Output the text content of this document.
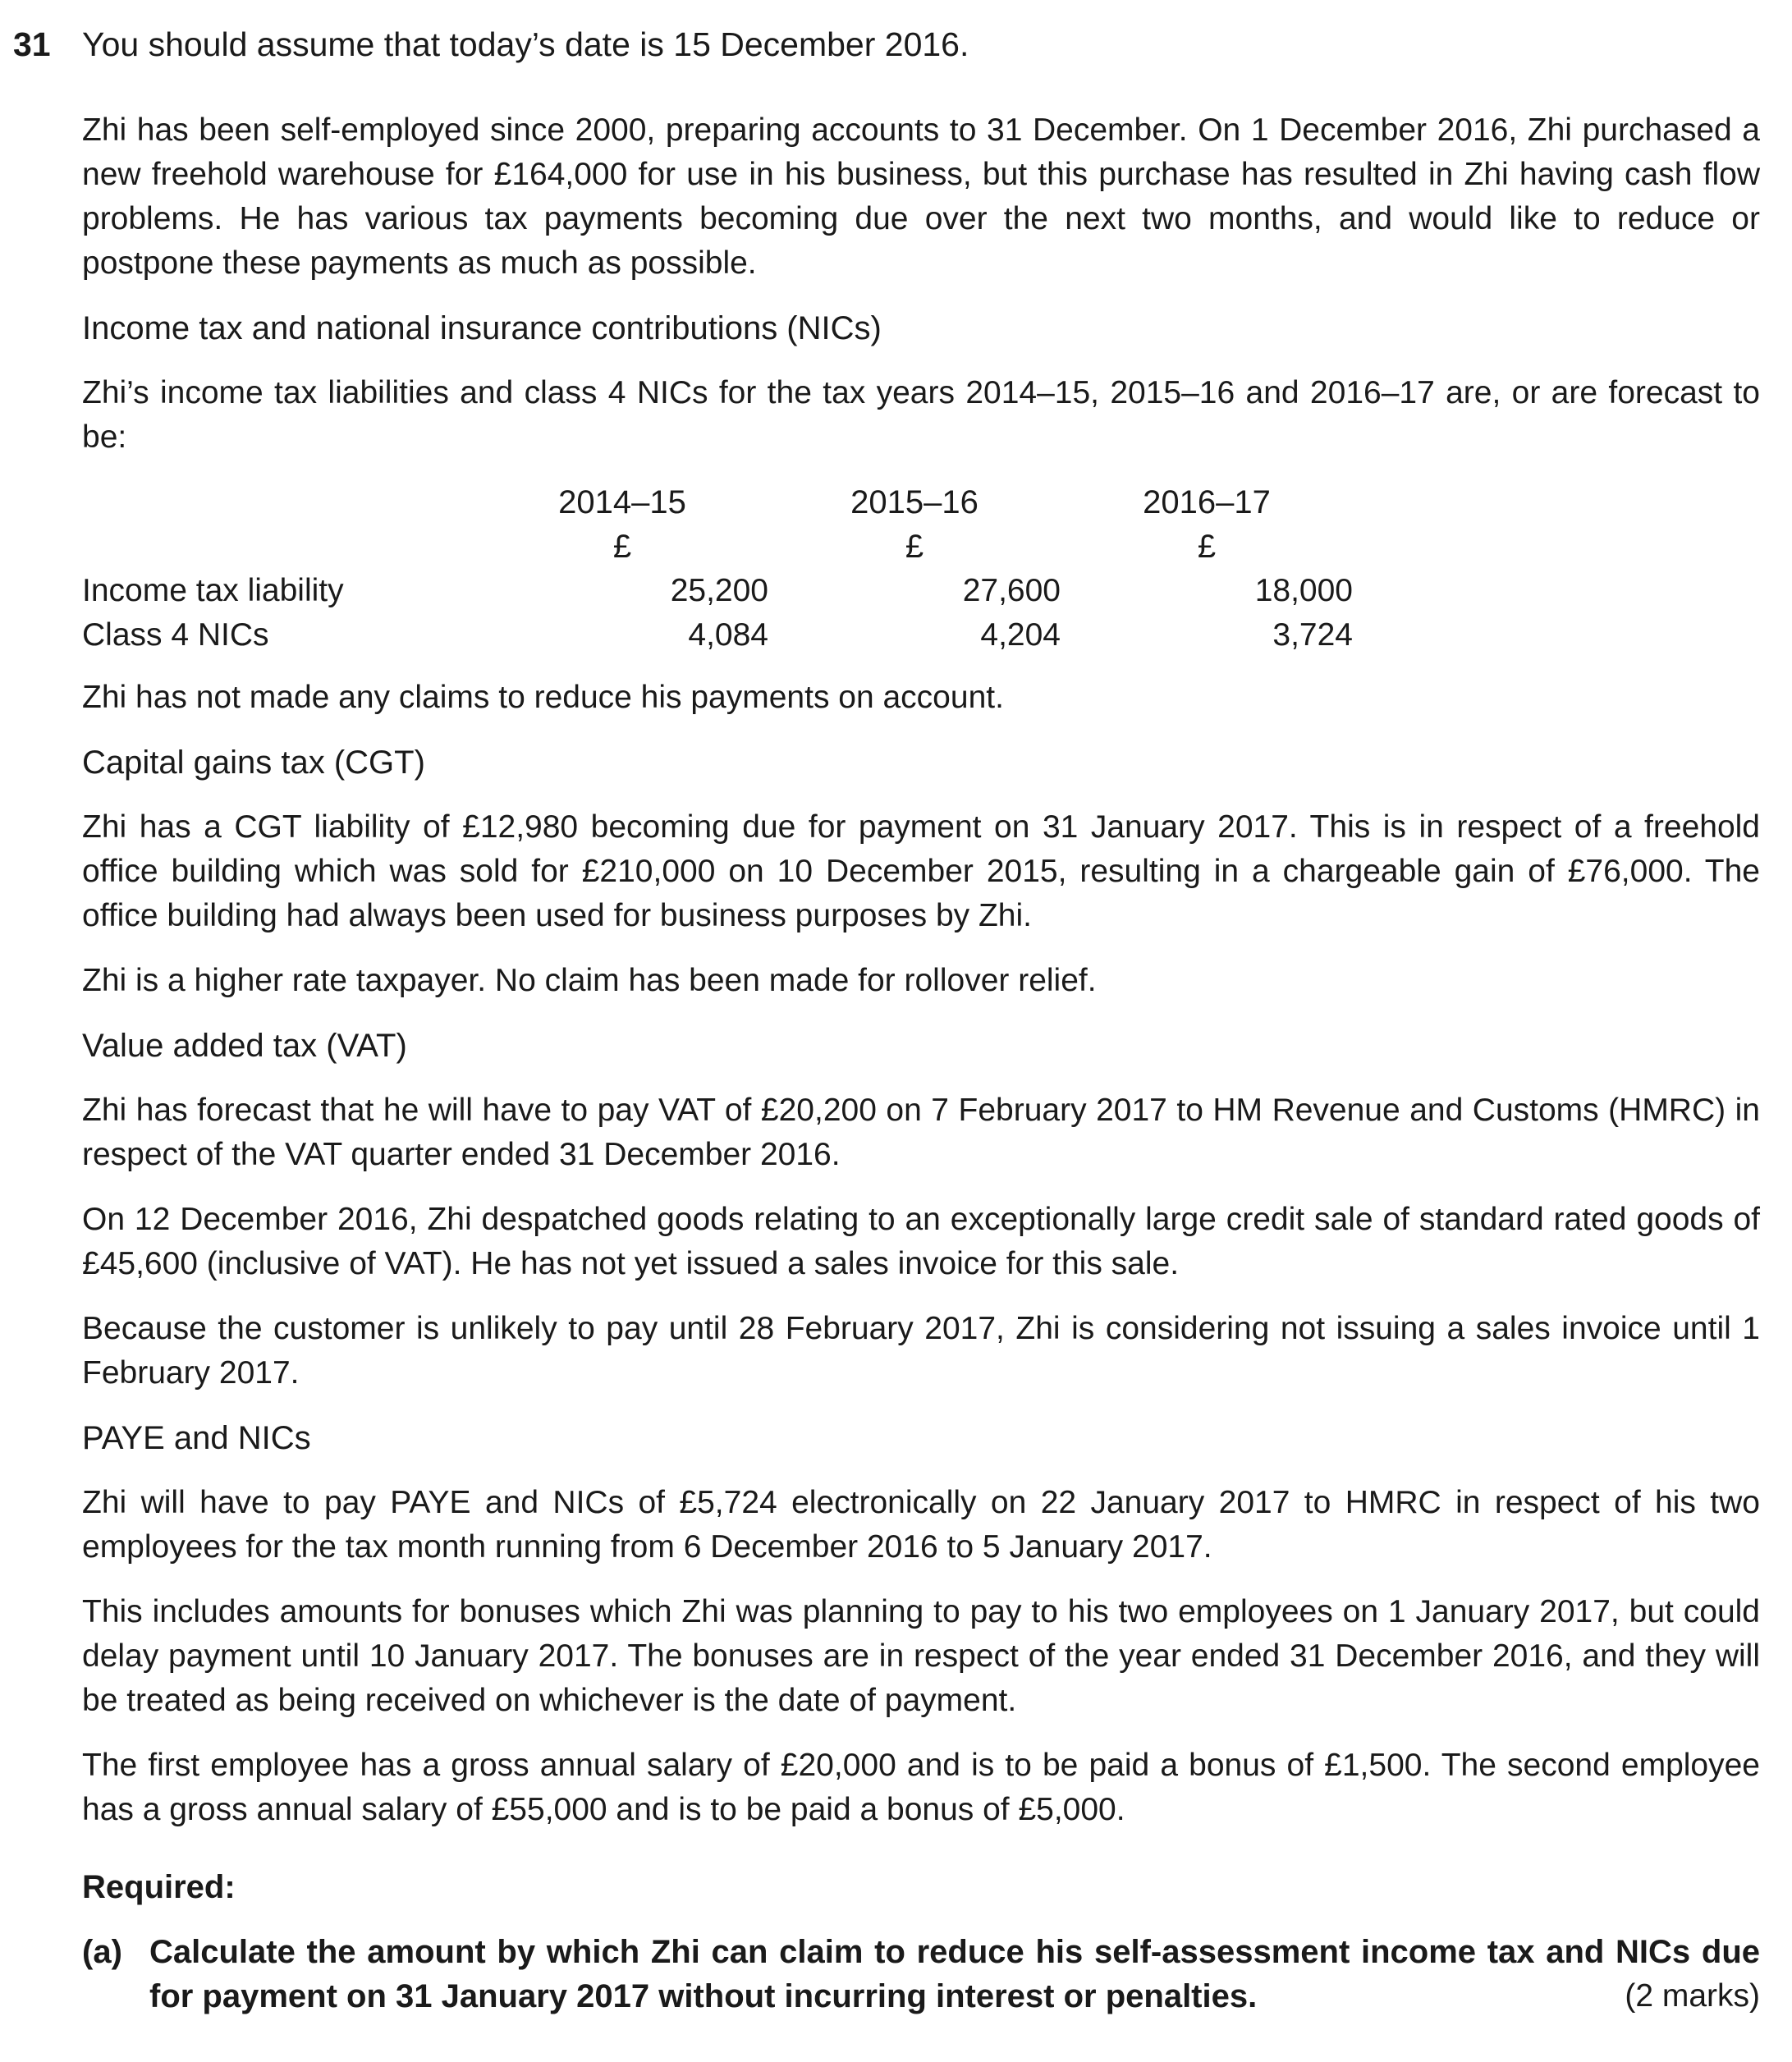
31 You should assume that today’s date is 15 December 2016.

Zhi has been self-employed since 2000, preparing accounts to 31 December. On 1 December 2016, Zhi purchased a new freehold warehouse for £164,000 for use in his business, but this purchase has resulted in Zhi having cash flow problems. He has various tax payments becoming due over the next two months, and would like to reduce or postpone these payments as much as possible.

Income tax and national insurance contributions (NICs)

Zhi’s income tax liabilities and class 4 NICs for the tax years 2014–15, 2015–16 and 2016–17 are, or are forecast to be:

	2014–15	2015–16	2016–17
	£	£	£
Income tax liability	25,200	27,600	18,000
Class 4 NICs	4,084	4,204	3,724

Zhi has not made any claims to reduce his payments on account.

Capital gains tax (CGT)

Zhi has a CGT liability of £12,980 becoming due for payment on 31 January 2017. This is in respect of a freehold office building which was sold for £210,000 on 10 December 2015, resulting in a chargeable gain of £76,000. The office building had always been used for business purposes by Zhi.

Zhi is a higher rate taxpayer. No claim has been made for rollover relief.

Value added tax (VAT)

Zhi has forecast that he will have to pay VAT of £20,200 on 7 February 2017 to HM Revenue and Customs (HMRC) in respect of the VAT quarter ended 31 December 2016.

On 12 December 2016, Zhi despatched goods relating to an exceptionally large credit sale of standard rated goods of £45,600 (inclusive of VAT). He has not yet issued a sales invoice for this sale.

Because the customer is unlikely to pay until 28 February 2017, Zhi is considering not issuing a sales invoice until 1 February 2017.

PAYE and NICs

Zhi will have to pay PAYE and NICs of £5,724 electronically on 22 January 2017 to HMRC in respect of his two employees for the tax month running from 6 December 2016 to 5 January 2017.

This includes amounts for bonuses which Zhi was planning to pay to his two employees on 1 January 2017, but could delay payment until 10 January 2017. The bonuses are in respect of the year ended 31 December 2016, and they will be treated as being received on whichever is the date of payment.

The first employee has a gross annual salary of £20,000 and is to be paid a bonus of £1,500. The second employee has a gross annual salary of £55,000 and is to be paid a bonus of £5,000.

Required:
(a) Calculate the amount by which Zhi can claim to reduce his self-assessment income tax and NICs due for payment on 31 January 2017 without incurring interest or penalties.	(2 marks)
